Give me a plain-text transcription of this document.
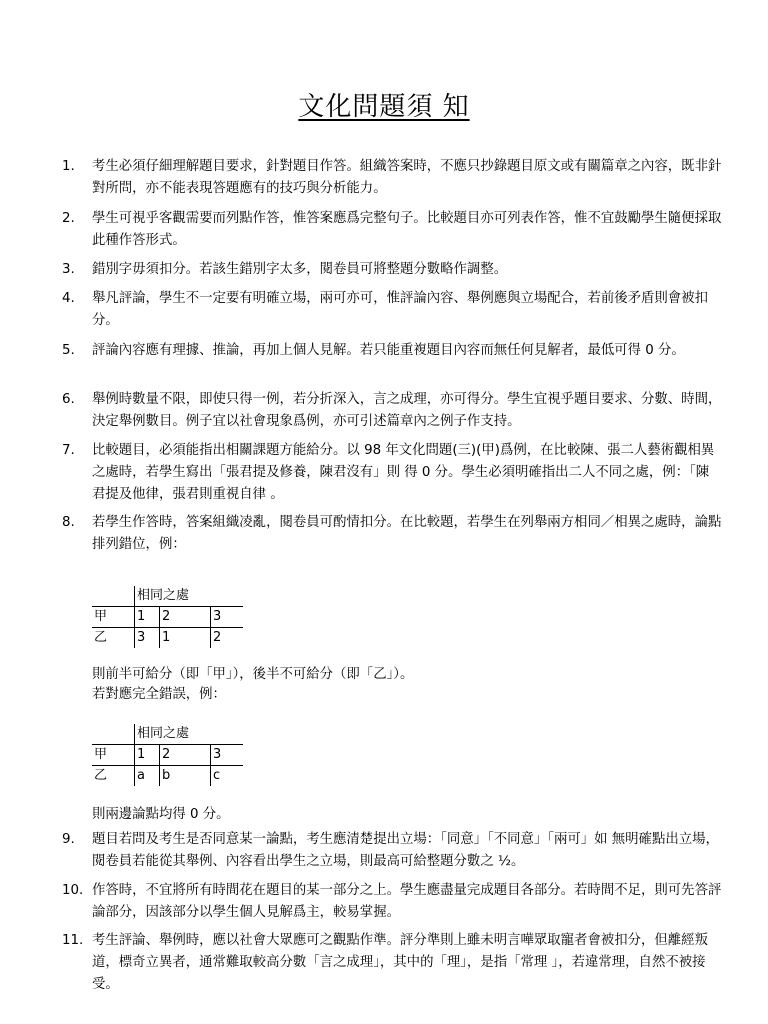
文化問題須 知
1.	考生必須仔細理解題目要求，針對題目作答。組織答案時，不應只抄錄題目原文或有關篇章之內容，既非針對所問，亦不能表現答題應有的技巧與分析能力。
2.	學生可視乎客觀需要而列點作答，惟答案應爲完整句子。比較題目亦可列表作答，惟不宜鼓勵學生隨便採取此種作答形式。
3.	錯別字毋須扣分。若該生錯別字太多，閱卷員可將整題分數略作調整。
4.	舉凡評論，學生不一定要有明確立場，兩可亦可，惟評論內容、舉例應與立場配合，若前後矛盾則會被扣分。
5.	評論內容應有理據、推論，再加上個人見解。若只能重複題目內容而無任何見解者，最低可得 0 分。
6.	舉例時數量不限，即使只得一例，若分折深入，言之成理，亦可得分。學生宜視乎題目要求、分數、時間，決定舉例數目。例子宜以社會現象爲例，亦可引述篇章內之例子作支持。
7.	比較題目，必須能指出相關課題方能給分。以 98 年文化問題(三)(甲)爲例，在比較陳、張二人藝術觀相異之處時，若學生寫出「張君提及修養，陳君沒有」則 得 0 分。學生必須明確指出二人不同之處，例：「陳君提及他律，張君則重視自律 。
8.	若學生作答時，答案組織凌亂，閱卷員可酌情扣分。在比較題，若學生在列舉兩方相同／相異之處時，論點排列錯位，例：
	相同之處		
甲	1	2	3
乙	3	1	2
則前半可給分（即「甲」），後半不可給分（即「乙」）。
若對應完全錯誤，例：
	相同之處		
甲	1	2	3
乙	a	b	c
則兩邊論點均得 0 分。
9.	題目若問及考生是否同意某一論點，考生應清楚提出立場：「同意」「不同意」「兩可」如 無明確點出立場，閱卷員若能從其舉例、內容看出學生之立場，則最高可給整題分數之 ½。
10. 作答時，不宜將所有時間花在題目的某一部分之上。學生應盡量完成題目各部分。若時間不足，則可先答評論部分，因該部分以學生個人見解爲主，較易掌握。
11. 考生評論、舉例時，應以社會大眾應可之觀點作準。評分準則上雖未明言嘩眾取寵者會被扣分，但離經叛道，標奇立異者，通常難取較高分數「言之成理」，其中的「理」，是指「常理 」，若違常理，自然不被接受。
